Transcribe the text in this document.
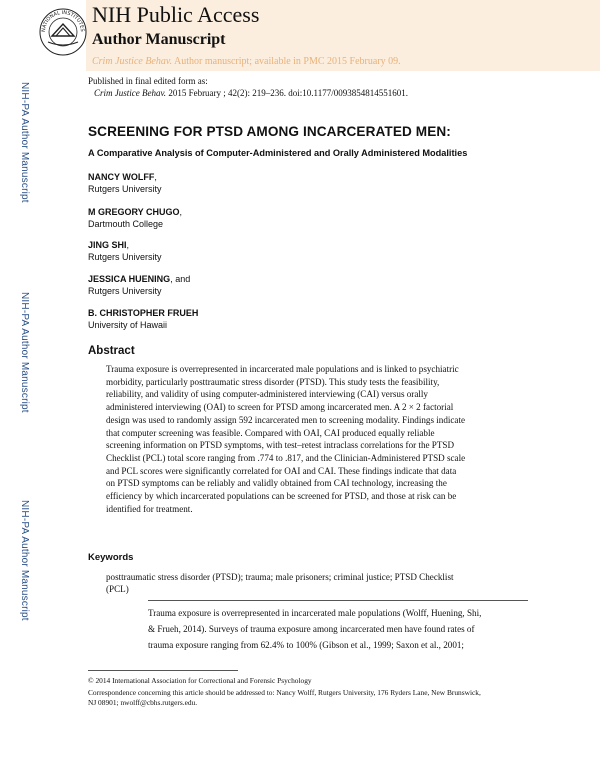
NIH-PA Author Manuscript
NIH-PA Author Manuscript
NIH-PA Author Manuscript
NATIONAL INSTITUTES
NIH Public Access
Author Manuscript
Crim Justice Behav. Author manuscript; available in PMC 2015 February 09.
Published in final edited form as:
Crim Justice Behav. 2015 February ; 42(2): 219–236. doi:10.1177/0093854814551601.
SCREENING FOR PTSD AMONG INCARCERATED MEN:
A Comparative Analysis of Computer-Administered and Orally Administered Modalities
NANCY WOLFF,
Rutgers University
M GREGORY CHUGO,
Dartmouth College
JING SHI,
Rutgers University
JESSICA HUENING, and
Rutgers University
B. CHRISTOPHER FRUEH
University of Hawaii
Abstract
Trauma exposure is overrepresented in incarcerated male populations and is linked to psychiatric
morbidity, particularly posttraumatic stress disorder (PTSD). This study tests the feasibility,
reliability, and validity of using computer-administered interviewing (CAI) versus orally
administered interviewing (OAI) to screen for PTSD among incarcerated men. A 2 × 2 factorial
design was used to randomly assign 592 incarcerated men to screening modality. Findings indicate
that computer screening was feasible. Compared with OAI, CAI produced equally reliable
screening information on PTSD symptoms, with test–retest intraclass correlations for the PTSD
Checklist (PCL) total score ranging from .774 to .817, and the Clinician-Administered PTSD scale
and PCL scores were significantly correlated for OAI and CAI. These findings indicate that data
on PTSD symptoms can be reliably and validly obtained from CAI technology, increasing the
efficiency by which incarcerated populations can be screened for PTSD, and those at risk can be
identified for treatment.
Keywords
posttraumatic stress disorder (PTSD); trauma; male prisoners; criminal justice; PTSD Checklist
(PCL)
Trauma exposure is overrepresented in incarcerated male populations (Wolff, Huening, Shi,
& Frueh, 2014). Surveys of trauma exposure among incarcerated men have found rates of
trauma exposure ranging from 62.4% to 100% (Gibson et al., 1999; Saxon et al., 2001;
© 2014 International Association for Correctional and Forensic Psychology
Correspondence concerning this article should be addressed to: Nancy Wolff, Rutgers University, 176 Ryders Lane, New Brunswick,
NJ 08901; nwolff@cbhs.rutgers.edu.
